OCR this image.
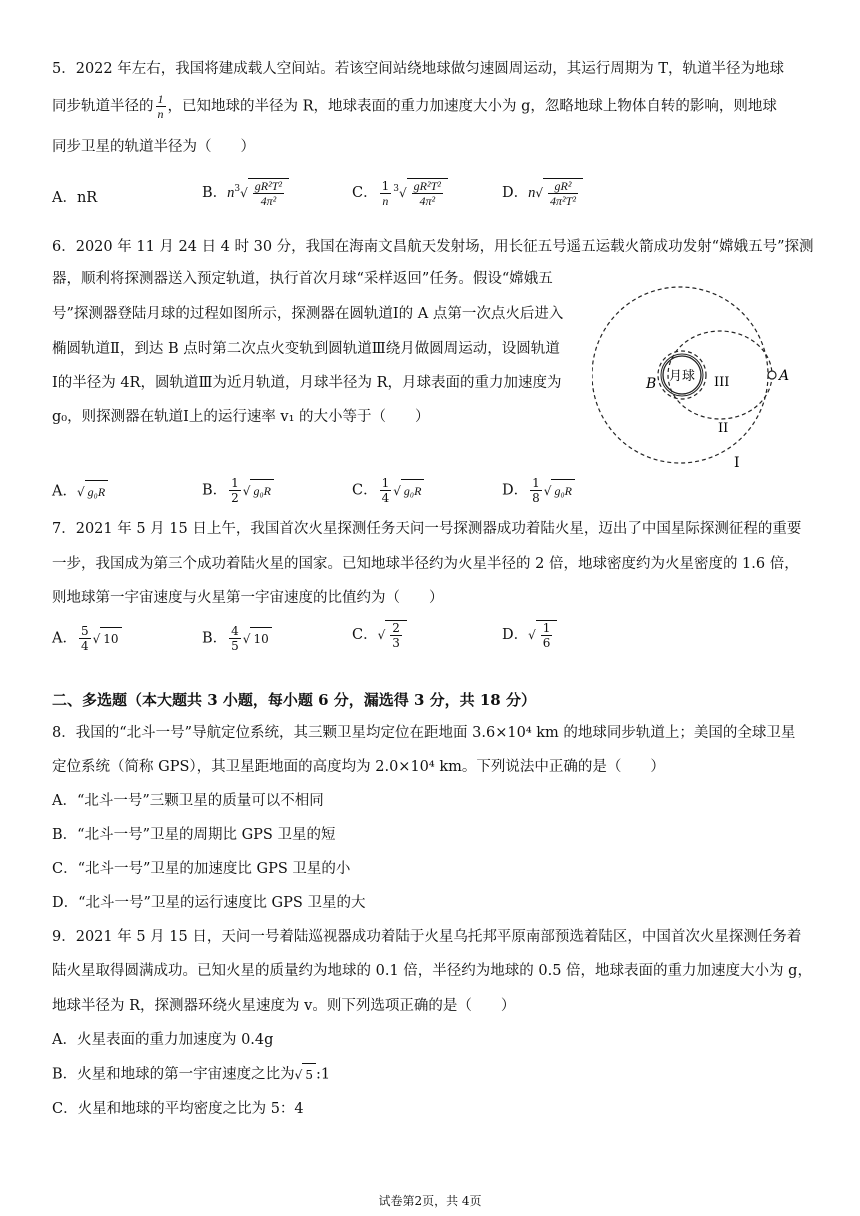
5．2022 年左右，我国将建成载人空间站。若该空间站绕地球做匀速圆周运动，其运行周期为 T，轨道半径为地球
同步轨道半径的 $\frac{1}{n}$ ，已知地球的半径为 R，地球表面的重力加速度大小为 g，忽略地球上物体自转的影响，则地球
同步卫星的轨道半径为（　　）
A．nR	B．$n^3√ \frac{\text{gR²T²}}{\text{4π²}}$	C． $\frac{1}{n} ^3√ \frac{\text{gR²T²}}{\text{4π²}}$	D．$n√ \frac{\text{gR²}}{\text{4π²T²}}$
6．2020 年 11 月 24 日 4 时 30 分，我国在海南文昌航天发射场，用长征五号遥五运载火箭成功发射“嫦娥五号”探测
器，顺利将探测器送入预定轨道，执行首次月球“采样返回”任务。假设“嫦娥五
号”探测器登陆月球的过程如图所示，探测器在圆轨道Ⅰ的 A 点第一次点火后进入
椭圆轨道Ⅱ，到达 B 点时第二次点火变轨到圆轨道Ⅲ绕月做圆周运动，设圆轨道
Ⅰ的半径为 4R，圆轨道Ⅲ为近月轨道，月球半径为 R，月球表面的重力加速度为
g₀，则探测器在轨道Ⅰ上的运行速率 v₁ 的大小等于（　　）
月球 III
B	A
II
I
A．√ g₀R	B． $\frac{1}{2}$ √ g₀R	C． $\frac{1}{4}$ √ g₀R	D． $\frac{1}{8}$ √ g₀R
7．2021 年 5 月 15 日上午，我国首次火星探测任务天问一号探测器成功着陆火星，迈出了中国星际探测征程的重要
一步，我国成为第三个成功着陆火星的国家。已知地球半径约为火星半径的 2 倍，地球密度约为火星密度的 1.6 倍，
则地球第一宇宙速度与火星第一宇宙速度的比值约为（　　）
A． $\frac{5}{4}$ √ 10	B． $\frac{4}{5}$ √ 10	C．√ $\frac{2}{3}$	D．√ $\frac{1}{6}$
二、多选题（本大题共 3 小题，每小题 6 分，漏选得 3 分，共 18 分）
8．我国的“北斗一号”导航定位系统，其三颗卫星均定位在距地面 3.6×10⁴ km 的地球同步轨道上；美国的全球卫星
定位系统（简称 GPS），其卫星距地面的高度均为 2.0×10⁴ km。下列说法中正确的是（　　）
A．“北斗一号”三颗卫星的质量可以不相同
B．“北斗一号”卫星的周期比 GPS 卫星的短
C．“北斗一号”卫星的加速度比 GPS 卫星的小
D．“北斗一号”卫星的运行速度比 GPS 卫星的大
9．2021 年 5 月 15 日，天问一号着陆巡视器成功着陆于火星乌托邦平原南部预选着陆区，中国首次火星探测任务着
陆火星取得圆满成功。已知火星的质量约为地球的 0.1 倍，半径约为地球的 0.5 倍，地球表面的重力加速度大小为 g，
地球半径为 R，探测器环绕火星速度为 v。则下列选项正确的是（　　）
A．火星表面的重力加速度为 0.4g
B．火星和地球的第一宇宙速度之比为√ 5 :1
C．火星和地球的平均密度之比为 5：4
试卷第2页，共 4页
